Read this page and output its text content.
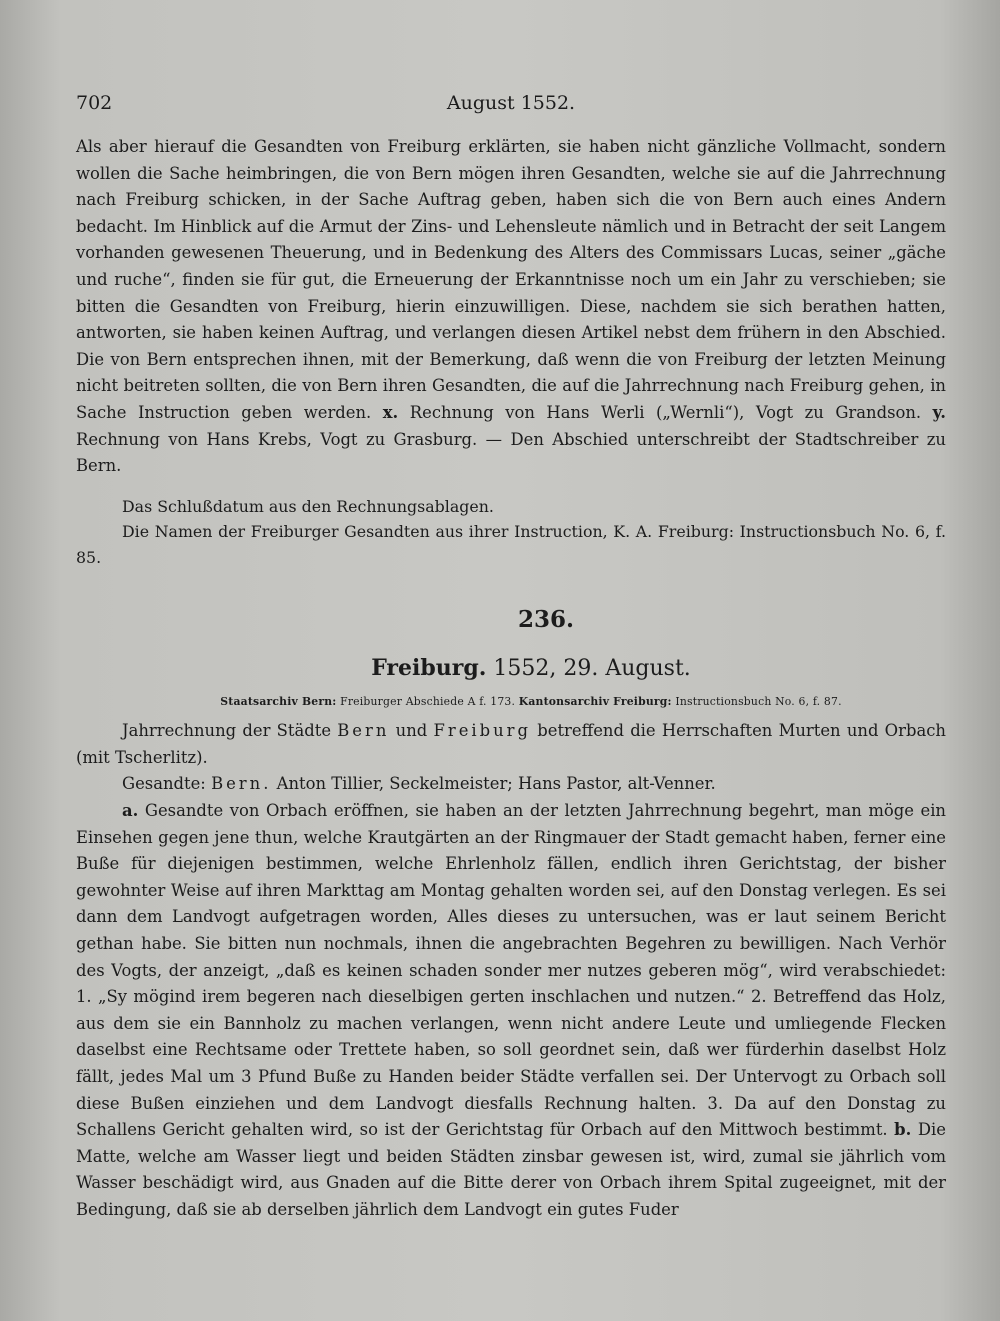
702	August 1552.

Als aber hierauf die Gesandten von Freiburg erklärten, sie haben nicht gänzliche Vollmacht, sondern wollen die Sache heimbringen, die von Bern mögen ihren Gesandten, welche sie auf die Jahrrechnung nach Freiburg schicken, in der Sache Auftrag geben, haben sich die von Bern auch eines Andern bedacht. Im Hinblick auf die Armut der Zins- und Lehensleute nämlich und in Betracht der seit Langem vorhanden gewesenen Theuerung, und in Bedenkung des Alters des Commissars Lucas, seiner „gäche und ruche“, finden sie für gut, die Erneuerung der Erkanntnisse noch um ein Jahr zu verschieben; sie bitten die Gesandten von Freiburg, hierin einzuwilligen. Diese, nachdem sie sich berathen hatten, antworten, sie haben keinen Auftrag, und verlangen diesen Artikel nebst dem frühern in den Abschied. Die von Bern entsprechen ihnen, mit der Bemerkung, daß wenn die von Freiburg der letzten Meinung nicht beitreten sollten, die von Bern ihren Gesandten, die auf die Jahrrechnung nach Freiburg gehen, in Sache Instruction geben werden. x. Rechnung von Hans Werli („Wernli“), Vogt zu Grandson. y. Rechnung von Hans Krebs, Vogt zu Grasburg. — Den Abschied unterschreibt der Stadtschreiber zu Bern.

Das Schlußdatum aus den Rechnungsablagen.

Die Namen der Freiburger Gesandten aus ihrer Instruction, K. A. Freiburg: Instructionsbuch No. 6, f. 85.

236.
Freiburg. 1552, 29. August.
Staatsarchiv Bern: Freiburger Abschiede A f. 173. Kantonsarchiv Freiburg: Instructionsbuch No. 6, f. 87.

Jahrrechnung der Städte Bern und Freiburg betreffend die Herrschaften Murten und Orbach (mit Tscherlitz).

Gesandte: Bern. Anton Tillier, Seckelmeister; Hans Pastor, alt-Venner.

a. Gesandte von Orbach eröffnen, sie haben an der letzten Jahrrechnung begehrt, man möge ein Einsehen gegen jene thun, welche Krautgärten an der Ringmauer der Stadt gemacht haben, ferner eine Buße für diejenigen bestimmen, welche Ehrlenholz fällen, endlich ihren Gerichtstag, der bisher gewohnter Weise auf ihren Markttag am Montag gehalten worden sei, auf den Donstag verlegen. Es sei dann dem Landvogt aufgetragen worden, Alles dieses zu untersuchen, was er laut seinem Bericht gethan habe. Sie bitten nun nochmals, ihnen die angebrachten Begehren zu bewilligen. Nach Verhör des Vogts, der anzeigt, „daß es keinen schaden sonder mer nutzes geberen mög“, wird verabschiedet: 1. „Sy mögind irem begeren nach dieselbigen gerten inschlachen und nutzen.“ 2. Betreffend das Holz, aus dem sie ein Bannholz zu machen verlangen, wenn nicht andere Leute und umliegende Flecken daselbst eine Rechtsame oder Trettete haben, so soll geordnet sein, daß wer fürderhin daselbst Holz fällt, jedes Mal um 3 Pfund Buße zu Handen beider Städte verfallen sei. Der Untervogt zu Orbach soll diese Bußen einziehen und dem Landvogt diesfalls Rechnung halten. 3. Da auf den Donstag zu Schallens Gericht gehalten wird, so ist der Gerichtstag für Orbach auf den Mittwoch bestimmt. b. Die Matte, welche am Wasser liegt und beiden Städten zinsbar gewesen ist, wird, zumal sie jährlich vom Wasser beschädigt wird, aus Gnaden auf die Bitte derer von Orbach ihrem Spital zugeeignet, mit der Bedingung, daß sie ab derselben jährlich dem Landvogt ein gutes Fuder
